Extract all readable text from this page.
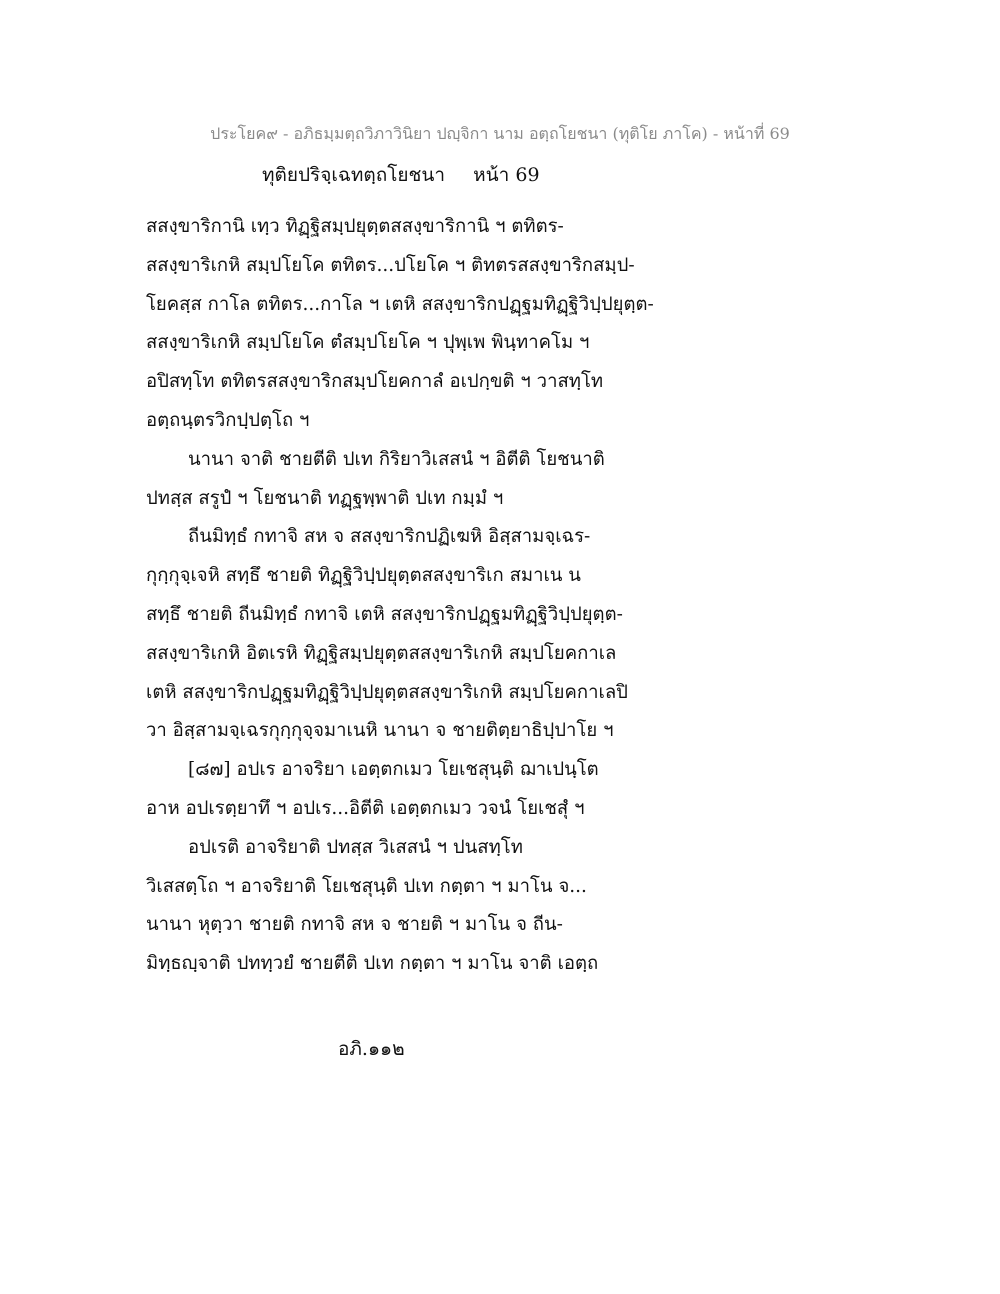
ประโยค๙ - อภิธมฺมตฺถวิภาวินิยา ปญฺจิกา นาม อตฺถโยชนา (ทุติโย ภาโค) - หน้าที่ 69
ทุติยปริจฺเฉทตฺถโยชนา หน้า 69
สสงฺขาริกานิ เทฺว ทิฏฺฐิสมฺปยุตฺตสสงฺขาริกานิ ฯ ตทิตร-
สสงฺขาริเกหิ สมฺปโยโค ตทิตร...ปโยโค ฯ ติทตรสสงฺขาริกสมฺป-
โยคสฺส กาโล ตทิตร...กาโล ฯ เตหิ สสงฺขาริกปฏฺฐมทิฏฺฐิวิปฺปยุตฺต-
สสงฺขาริเกหิ สมฺปโยโค ตํสมฺปโยโค ฯ ปุพฺเพ พินฺทาคโม ฯ
อปิสทฺโท ตทิตรสสงฺขาริกสมฺปโยคกาลํ อเปกฺขติ ฯ วาสทฺโท
อตฺถนฺตรวิกปฺปตฺโถ ฯ
นานา จาติ ชายตีติ ปเท กิริยาวิเสสนํ ฯ อิตีติ โยชนาติ
ปทสฺส สรูปํ ฯ โยชนาติ ทฏฺฐพฺพาติ ปเท กมฺมํ ฯ
ถีนมิทฺธํ กทาจิ สห จ สสงฺขาริกปฏิเฆหิ อิสฺสามจฺเฉร-
กุกฺกุจฺเจหิ สทฺธึ ชายติ ทิฏฺฐิวิปฺปยุตฺตสสงฺขาริเก สมาเน น
สทฺธึ ชายติ ถีนมิทฺธํ กทาจิ เตหิ สสงฺขาริกปฏฺฐมทิฏฺฐิวิปฺปยุตฺต-
สสงฺขาริเกหิ อิตเรหิ ทิฏฺฐิสมฺปยุตฺตสสงฺขาริเกหิ สมฺปโยคกาเล
เตหิ สสงฺขาริกปฏฺฐมทิฏฺฐิวิปฺปยุตฺตสสงฺขาริเกหิ สมฺปโยคกาเลปิ
วา อิสฺสามจฺเฉรกุกฺกุจฺจมาเนหิ นานา จ ชายติตฺยาธิปฺปาโย ฯ
[๘๗] อปเร อาจริยา เอตฺตกเมว โยเชสุนฺติ ฌาเปนฺโต
อาห อปเรตฺยาทึ ฯ อปเร...อิตีติ เอตฺตกเมว วจนํ โยเชสุํ ฯ
อปเรติ อาจริยาติ ปทสฺส วิเสสนํ ฯ ปนสทฺโท
วิเสสตฺโถ ฯ อาจริยาติ โยเชสุนฺติ ปเท กตฺตา ฯ มาโน จ...
นานา หุตฺวา ชายติ กทาจิ สห จ ชายติ ฯ มาโน จ ถีน-
มิทฺธญฺจาติ ปททฺวยํ ชายตีติ ปเท กตฺตา ฯ มาโน จาติ เอตฺถ
อภิ.๑๑๒
